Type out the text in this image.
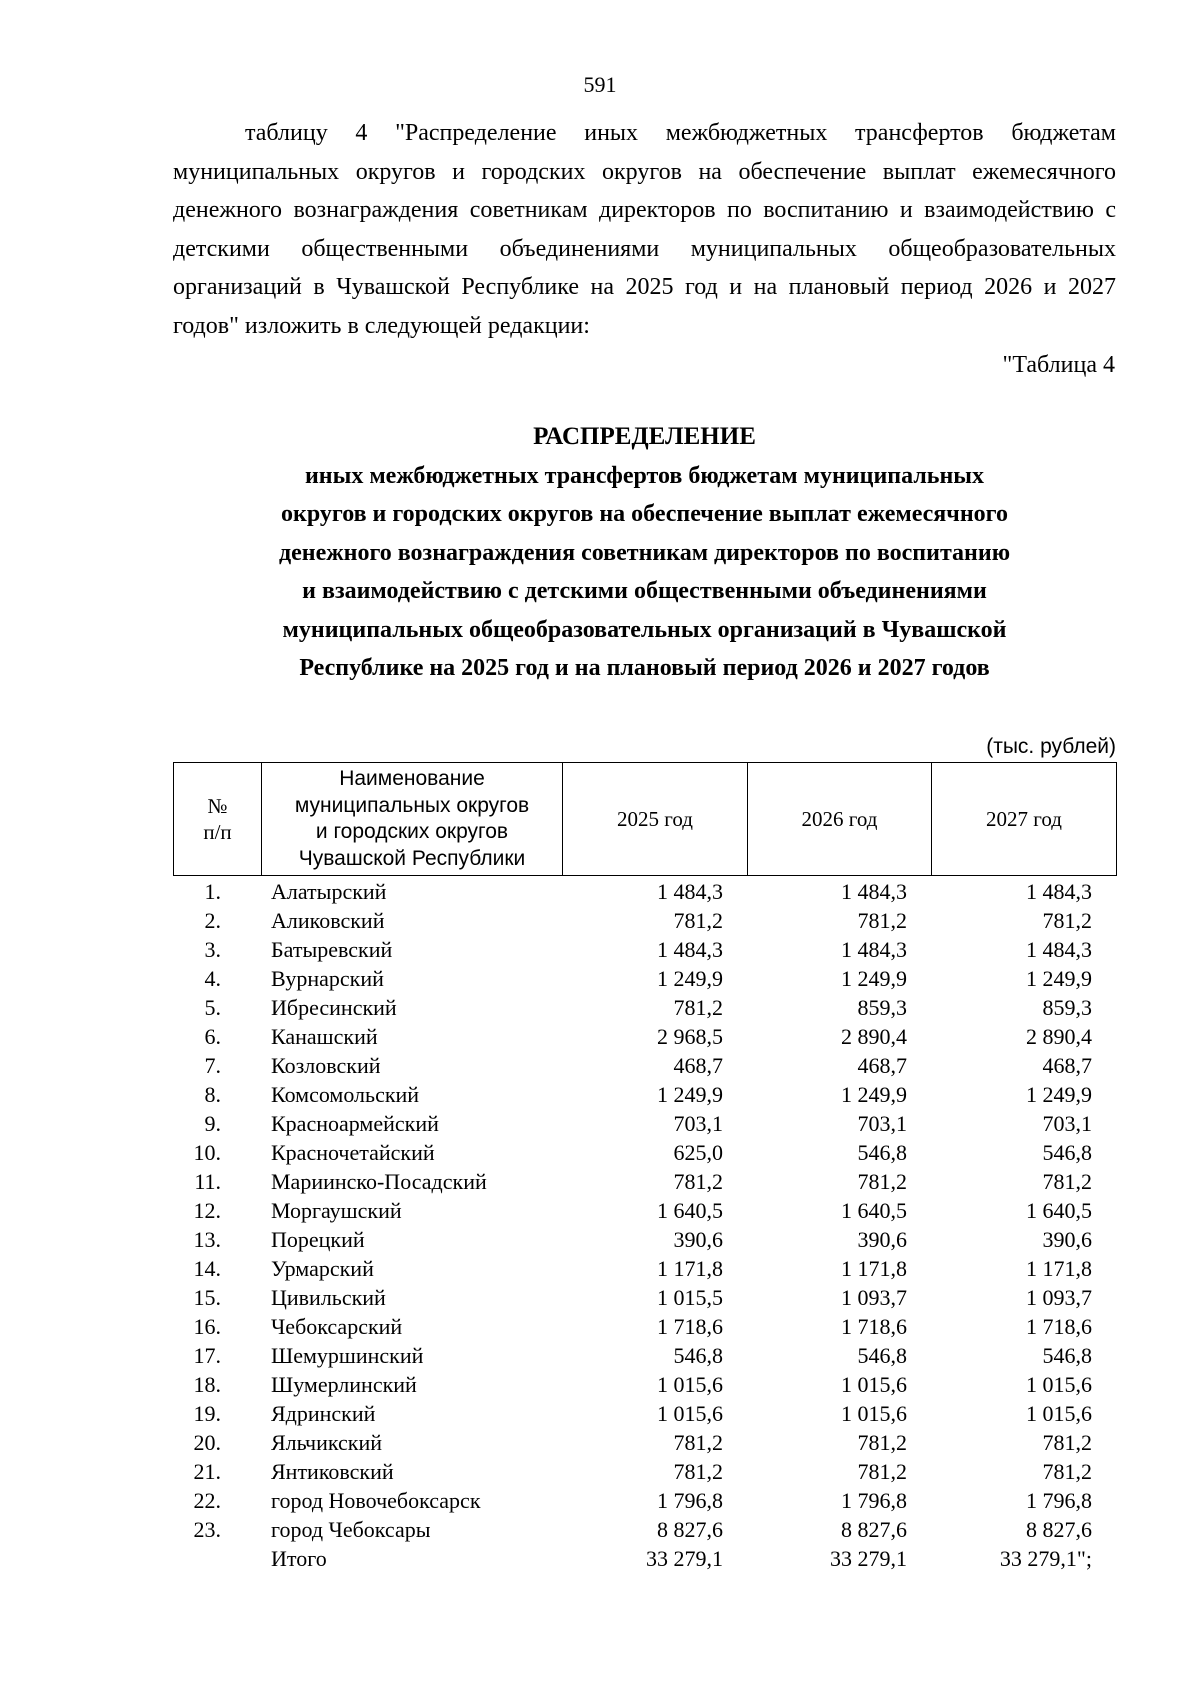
591

таблицу 4 "Распределение иных межбюджетных трансфертов бюджетам муниципальных округов и городских округов на обеспечение выплат ежемесячного денежного вознаграждения советникам директоров по воспитанию и взаимодействию с детскими общественными объединениями муниципальных общеобразовательных организаций в Чувашской Республике на 2025 год и на плановый период 2026 и 2027 годов" изложить в следующей редакции:

"Таблица 4
РАСПРЕДЕЛЕНИЕ
иных межбюджетных трансфертов бюджетам муниципальных
округов и городских округов на обеспечение выплат ежемесячного
денежного вознаграждения советникам директоров по воспитанию
и взаимодействию с детскими общественными объединениями
муниципальных общеобразовательных организаций в Чувашской
Республике на 2025 год и на плановый период 2026 и 2027 годов
(тыс. рублей)
№
п/п	Наименование
муниципальных округов
и городских округов
Чувашской Республики	2025 год	2026 год	2027 год
1.	Алатырский	1 484,3	1 484,3	1 484,3
2.	Аликовский	781,2	781,2	781,2
3.	Батыревский	1 484,3	1 484,3	1 484,3
4.	Вурнарский	1 249,9	1 249,9	1 249,9
5.	Ибресинский	781,2	859,3	859,3
6.	Канашский	2 968,5	2 890,4	2 890,4
7.	Козловский	468,7	468,7	468,7
8.	Комсомольский	1 249,9	1 249,9	1 249,9
9.	Красноармейский	703,1	703,1	703,1
10.	Красночетайский	625,0	546,8	546,8
11.	Мариинско-Посадский	781,2	781,2	781,2
12.	Моргаушский	1 640,5	1 640,5	1 640,5
13.	Порецкий	390,6	390,6	390,6
14.	Урмарский	1 171,8	1 171,8	1 171,8
15.	Цивильский	1 015,5	1 093,7	1 093,7
16.	Чебоксарский	1 718,6	1 718,6	1 718,6
17.	Шемуршинский	546,8	546,8	546,8
18.	Шумерлинский	1 015,6	1 015,6	1 015,6
19.	Ядринский	1 015,6	1 015,6	1 015,6
20.	Яльчикский	781,2	781,2	781,2
21.	Янтиковский	781,2	781,2	781,2
22.	город Новочебоксарск	1 796,8	1 796,8	1 796,8
23.	город Чебоксары	8 827,6	8 827,6	8 827,6
	Итого	33 279,1	33 279,1	33 279,1";
